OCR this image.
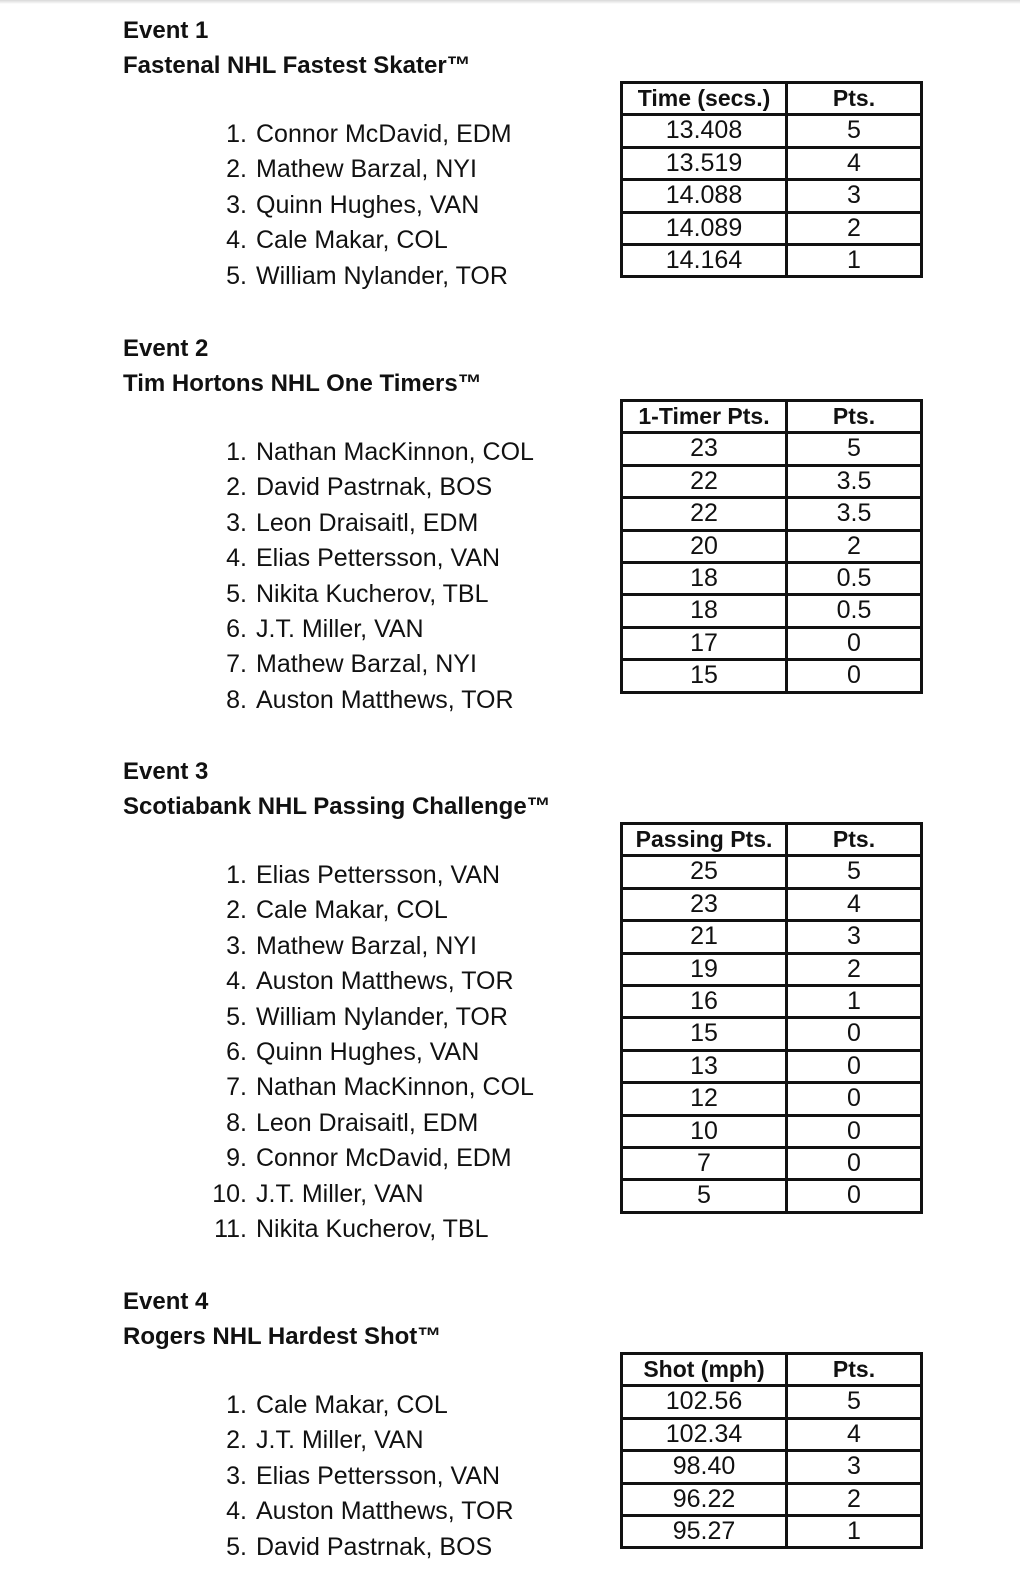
Event 1
Fastenal NHL Fastest Skater™
1. Connor McDavid, EDM
2. Mathew Barzal, NYI
3. Quinn Hughes, VAN
4. Cale Makar, COL
5. William Nylander, TOR
Time (secs.)	Pts.
13.408	5
13.519	4
14.088	3
14.089	2
14.164	1
Event 2
Tim Hortons NHL One Timers™
1. Nathan MacKinnon, COL
2. David Pastrnak, BOS
3. Leon Draisaitl, EDM
4. Elias Pettersson, VAN
5. Nikita Kucherov, TBL
6. J.T. Miller, VAN
7. Mathew Barzal, NYI
8. Auston Matthews, TOR
1-Timer Pts.	Pts.
23	5
22	3.5
22	3.5
20	2
18	0.5
18	0.5
17	0
15	0
Event 3
Scotiabank NHL Passing Challenge™
1. Elias Pettersson, VAN
2. Cale Makar, COL
3. Mathew Barzal, NYI
4. Auston Matthews, TOR
5. William Nylander, TOR
6. Quinn Hughes, VAN
7. Nathan MacKinnon, COL
8. Leon Draisaitl, EDM
9. Connor McDavid, EDM
10. J.T. Miller, VAN
11. Nikita Kucherov, TBL
Passing Pts.	Pts.
25	5
23	4
21	3
19	2
16	1
15	0
13	0
12	0
10	0
7	0
5	0
Event 4
Rogers NHL Hardest Shot™
1. Cale Makar, COL
2. J.T. Miller, VAN
3. Elias Pettersson, VAN
4. Auston Matthews, TOR
5. David Pastrnak, BOS
Shot (mph)	Pts.
102.56	5
102.34	4
98.40	3
96.22	2
95.27	1
